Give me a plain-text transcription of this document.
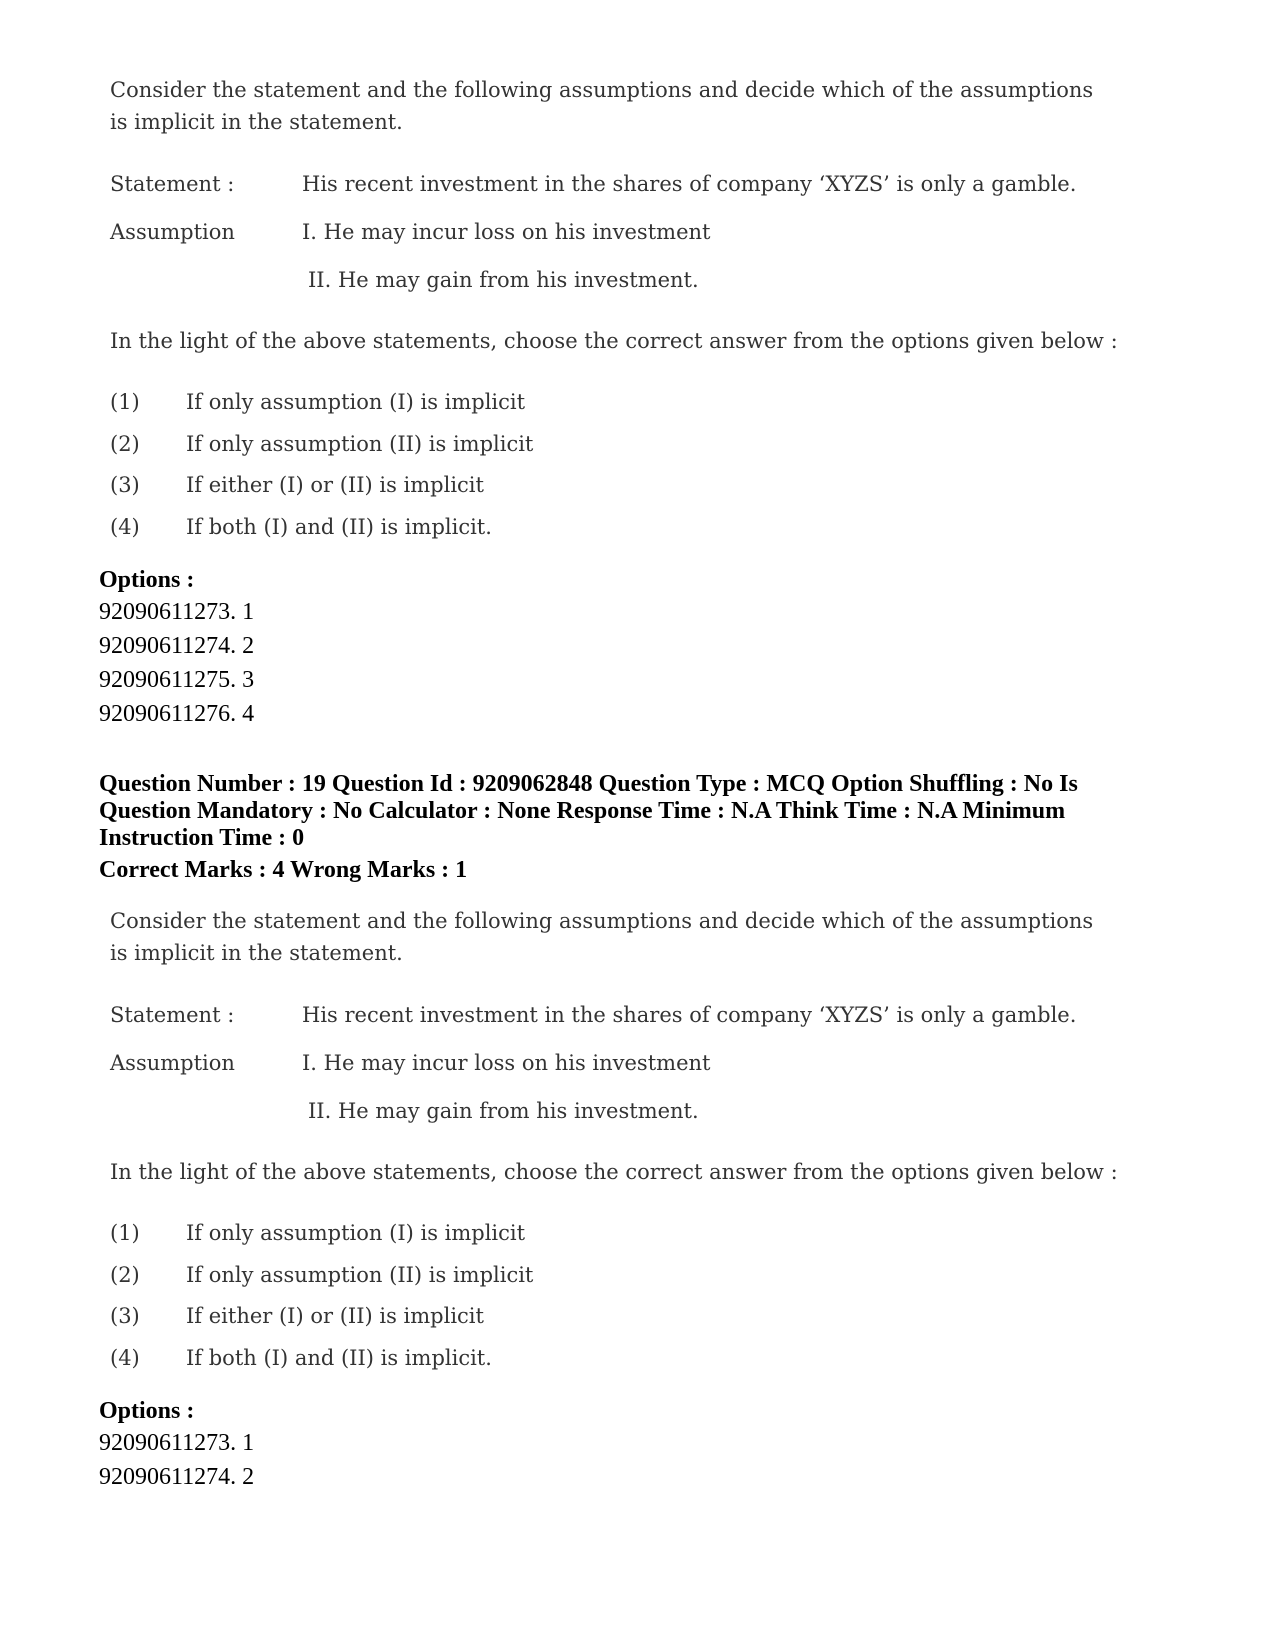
Consider the statement and the following assumptions and decide which of the assumptions
is implicit in the statement.
Statement :	His recent investment in the shares of company ‘XYZS’ is only a gamble.
Assumption	I. He may incur loss on his investment
II. He may gain from his investment.
In the light of the above statements, choose the correct answer from the options given below :
(1) If only assumption (I) is implicit
(2) If only assumption (II) is implicit
(3) If either (I) or (II) is implicit
(4) If both (I) and (II) is implicit.
Options :
92090611273. 1
92090611274. 2
92090611275. 3
92090611276. 4
Question Number : 19 Question Id : 9209062848 Question Type : MCQ Option Shuffling : No Is
Question Mandatory : No Calculator : None Response Time : N.A Think Time : N.A Minimum
Instruction Time : 0
Correct Marks : 4 Wrong Marks : 1
Consider the statement and the following assumptions and decide which of the assumptions
is implicit in the statement.
Statement :	His recent investment in the shares of company ‘XYZS’ is only a gamble.
Assumption	I. He may incur loss on his investment
II. He may gain from his investment.
In the light of the above statements, choose the correct answer from the options given below :
(1) If only assumption (I) is implicit
(2) If only assumption (II) is implicit
(3) If either (I) or (II) is implicit
(4) If both (I) and (II) is implicit.
Options :
92090611273. 1
92090611274. 2
